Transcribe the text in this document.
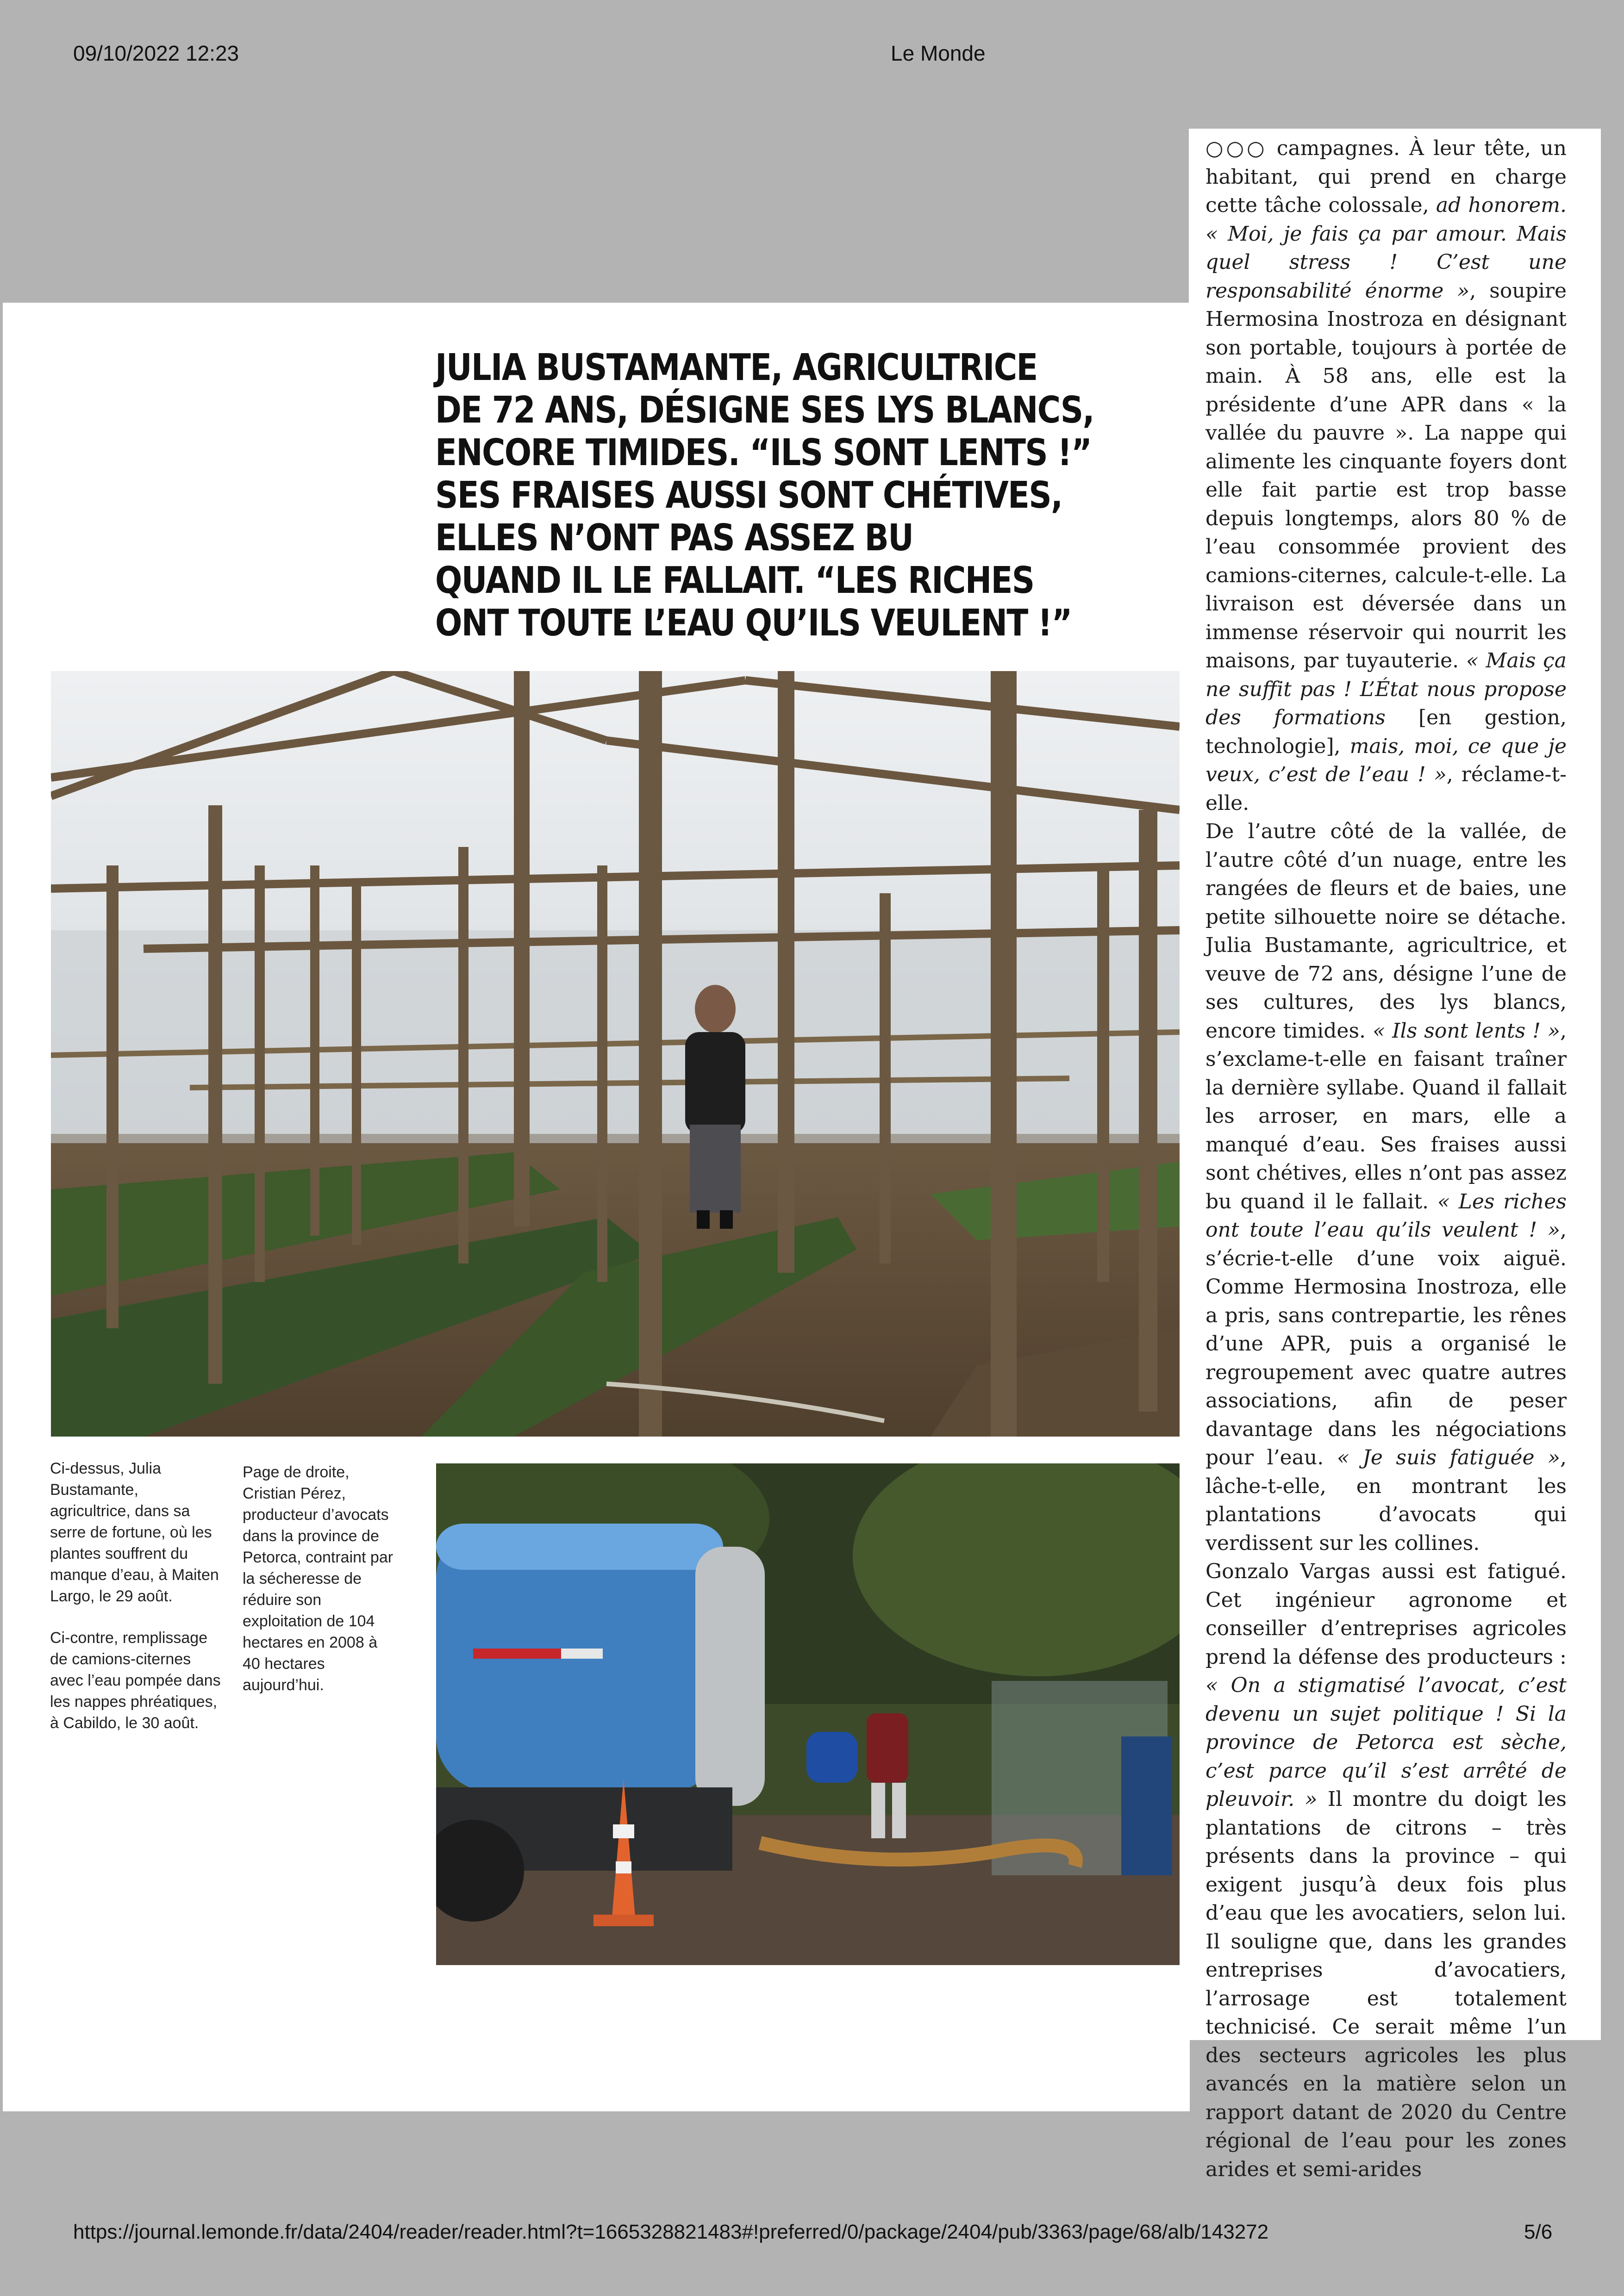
09/10/2022 12:23	Le Monde
JULIA BUSTAMANTE, AGRICULTRICE
DE 72 ANS, DÉSIGNE SES LYS BLANCS,
ENCORE TIMIDES. “ILS SONT LENTS !”
SES FRAISES AUSSI SONT CHÉTIVES,
ELLES N’ONT PAS ASSEZ BU
QUAND IL LE FALLAIT. “LES RICHES
ONT TOUTE L’EAU QU’ILS VEULENT !”

Ci-dessus, Julia Bustamante, agricultrice, dans sa serre de fortune, où les plantes souffrent du manque d’eau, à Maiten Largo, le 29 août.

Ci-contre, remplissage de camions-citernes avec l’eau pompée dans les nappes phréatiques, à Cabildo, le 30 août.

Page de droite, Cristian Pérez, producteur d’avocats dans la province de Petorca, contraint par la sécheresse de réduire son exploitation de 104 hectares en 2008 à 40 hectares aujourd’hui.

○○○ campagnes. À leur tête, un habitant, qui prend en charge cette tâche colossale, ad honorem. « Moi, je fais ça par amour. Mais quel stress ! C’est une responsabilité énorme », soupire Hermosina Inostroza en désignant son portable, toujours à portée de main. À 58 ans, elle est la présidente d’une APR dans « la vallée du pauvre ». La nappe qui alimente les cinquante foyers dont elle fait partie est trop basse depuis longtemps, alors 80 % de l’eau consommée provient des camions-citernes, calcule-t-elle. La livraison est déversée dans un immense réservoir qui nourrit les maisons, par tuyauterie. « Mais ça ne suffit pas ! L’État nous propose des formations [en gestion, technologie], mais, moi, ce que je veux, c’est de l’eau ! », réclame-t-elle.

De l’autre côté de la vallée, de l’autre côté d’un nuage, entre les rangées de fleurs et de baies, une petite silhouette noire se détache. Julia Bustamante, agricultrice, et veuve de 72 ans, désigne l’une de ses cultures, des lys blancs, encore timides. « Ils sont lents ! », s’exclame-t-elle en faisant traîner la dernière syllabe. Quand il fallait les arroser, en mars, elle a manqué d’eau. Ses fraises aussi sont chétives, elles n’ont pas assez bu quand il le fallait. « Les riches ont toute l’eau qu’ils veulent ! », s’écrie-t-elle d’une voix aiguë. Comme Hermosina Inostroza, elle a pris, sans contrepartie, les rênes d’une APR, puis a organisé le regroupement avec quatre autres associations, afin de peser davantage dans les négociations pour l’eau. « Je suis fatiguée », lâche-t-elle, en montrant les plantations d’avocats qui verdissent sur les collines.

Gonzalo Vargas aussi est fatigué. Cet ingénieur agronome et conseiller d’entreprises agricoles prend la défense des producteurs : « On a stigmatisé l’avocat, c’est devenu un sujet politique ! Si la province de Petorca est sèche, c’est parce qu’il s’est arrêté de pleuvoir. » Il montre du doigt les plantations de citrons – très présents dans la province – qui exigent jusqu’à deux fois plus d’eau que les avocatiers, selon lui. Il souligne que, dans les grandes entreprises d’avocatiers, l’arrosage est totalement technicisé. Ce serait même l’un des secteurs agricoles les plus avancés en la matière selon un rapport datant de 2020 du Centre régional de l’eau pour les zones arides et semi-arides

https://journal.lemonde.fr/data/2404/reader/reader.html?t=1665328821483#!preferred/0/package/2404/pub/3363/page/68/alb/143272	5/6
